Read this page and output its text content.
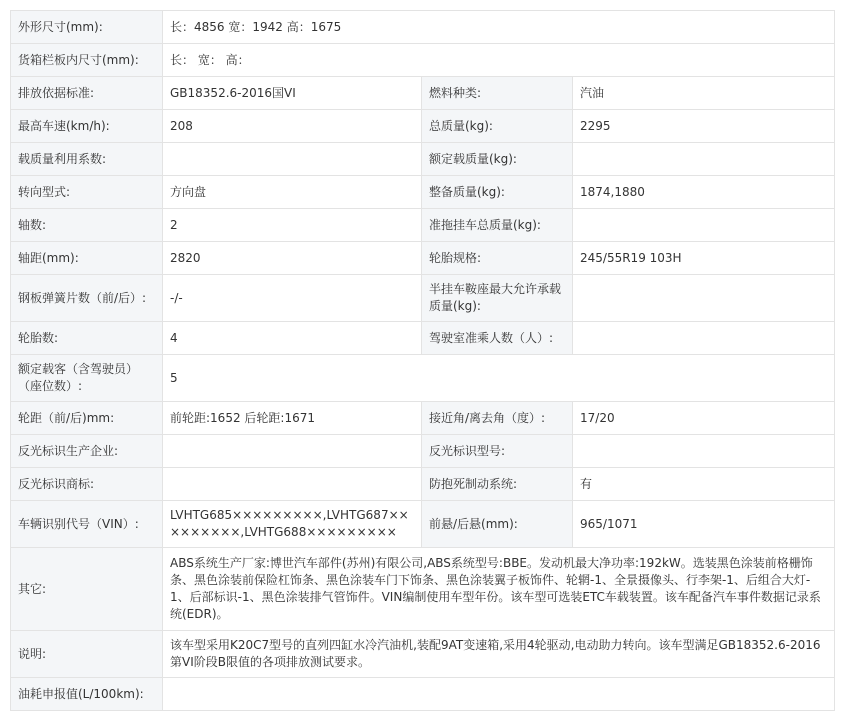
外形尺寸(mm):	长：4856 宽：1942 高：1675		
货箱栏板内尺寸(mm):	长： 宽： 高：		
排放依据标准:	GB18352.6-2016国VI	燃料种类:	汽油
最高车速(km/h):	208	总质量(kg):	2295
载质量利用系数:		额定载质量(kg):	
转向型式:	方向盘	整备质量(kg):	1874,1880
轴数:	2	准拖挂车总质量(kg):	
轴距(mm):	2820	轮胎规格:	245/55R19 103H
钢板弹簧片数（前/后）:	-/-	半挂车鞍座最大允许承载质量(kg):	
轮胎数:	4	驾驶室准乘人数（人）:	
额定载客（含驾驶员）（座位数）:	5		
轮距（前/后)mm:	前轮距:1652 后轮距:1671	接近角/离去角（度）:	17/20
反光标识生产企业:		反光标识型号:	
反光标识商标:		防抱死制动系统:	有
车辆识别代号（VIN）:	LVHTG685×××××××××,LVHTG687×××××××××,LVHTG688×××××××××	前悬/后悬(mm):	965/1071
其它:	ABS系统生产厂家:博世汽车部件(苏州)有限公司,ABS系统型号:BBE。发动机最大净功率:192kW。选装黑色涂装前格栅饰条、黑色涂装前保险杠饰条、黑色涂装车门下饰条、黑色涂装翼子板饰件、轮辋-1、全景摄像头、行李架-1、后组合大灯-1、后部标识-1、黑色涂装排气管饰件。VIN编制使用车型年份。该车型可选装ETC车载装置。该车配备汽车事件数据记录系统(EDR)。		
说明:	该车型采用K20C7型号的直列四缸水冷汽油机,装配9AT变速箱,采用4轮驱动,电动助力转向。该车型满足GB18352.6-2016第VI阶段B限值的各项排放测试要求。		
油耗申报值(L/100km):			
